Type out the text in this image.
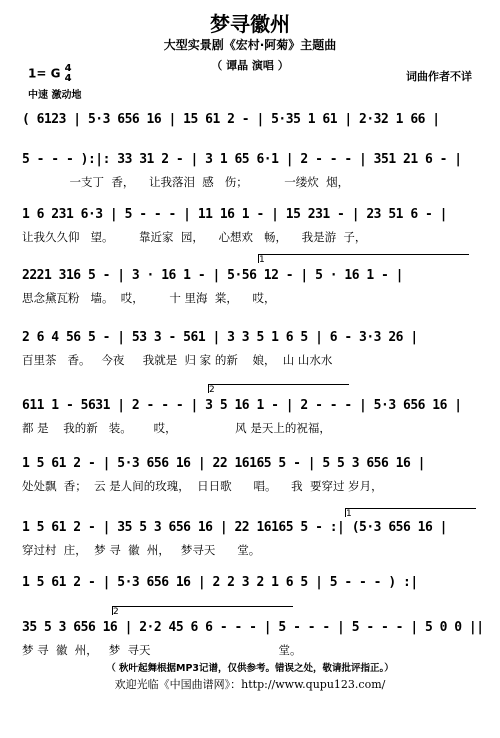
梦寻徽州
大型实景剧《宏村·阿菊》主题曲
（ 谭晶 演唱 ）
词曲作者不详
1= G 4
4
中速 激动地
( 6123 | 5·3 656 16 | 15 61 2 - | 5·35 1 61 | 2·32 1 66 |
5 - - - ):|: 33 31 2 - | 3 1 65 6·1 | 2 - - - | 351 21 6 - |
一支丁  香，    让我落泪  感   伤；          一缕炊  烟，
1 6 231 6·3 | 5 - - - | 11 16 1 - | 15 231 - | 23 51 6 - |
让我久久仰   望。       靠近家  园，    心想欢   畅，    我是游  子，
1
2221 316 5 - | 3 · 16 1 - | 5·56 12 - | 5 · 16 1 - |
思念黛瓦粉   墙。  哎，       十 里海  棠，    哎，
2 6 4 56 5 - | 53 3 - 561 | 3 3 5 1 6 5 | 6 - 3·3 26 |
百里茶   香。   今夜     我就是  归 家 的新    娘，  山 山水水
2
611 1 - 5631 | 2 - - - | 3 5 16 1 - | 2 - - - | 5·3 656 16 |
都 是    我的新   装。      哎，                风 是天上的祝福，
1 5 61 2 - | 5·3 656 16 | 22 16165 5 - | 5 5 3 656 16 |
处处飘  香；  云 是人间的玫瑰，  日日歌      唱。    我  要穿过 岁月，
1
1 5 61 2 - | 35 5 3 656 16 | 22 16165 5 - :| (5·3 656 16 |
穿过村  庄，  梦 寻  徽  州，   梦寻天      堂。
1 5 61 2 - | 5·3 656 16 | 2 2 3 2 1 6 5 | 5 - - - ) :|
2
35 5 3 656 16 | 2·2 45 6 6 - - - | 5 - - - | 5 - - - | 5 0 0 ||
梦 寻  徽  州，   梦  寻天                                   堂。
（ 秋叶起舞根据MP3记谱，仅供参考。错误之处，敬请批评指正。）
欢迎光临《中国曲谱网》：http://www.qupu123.com/
